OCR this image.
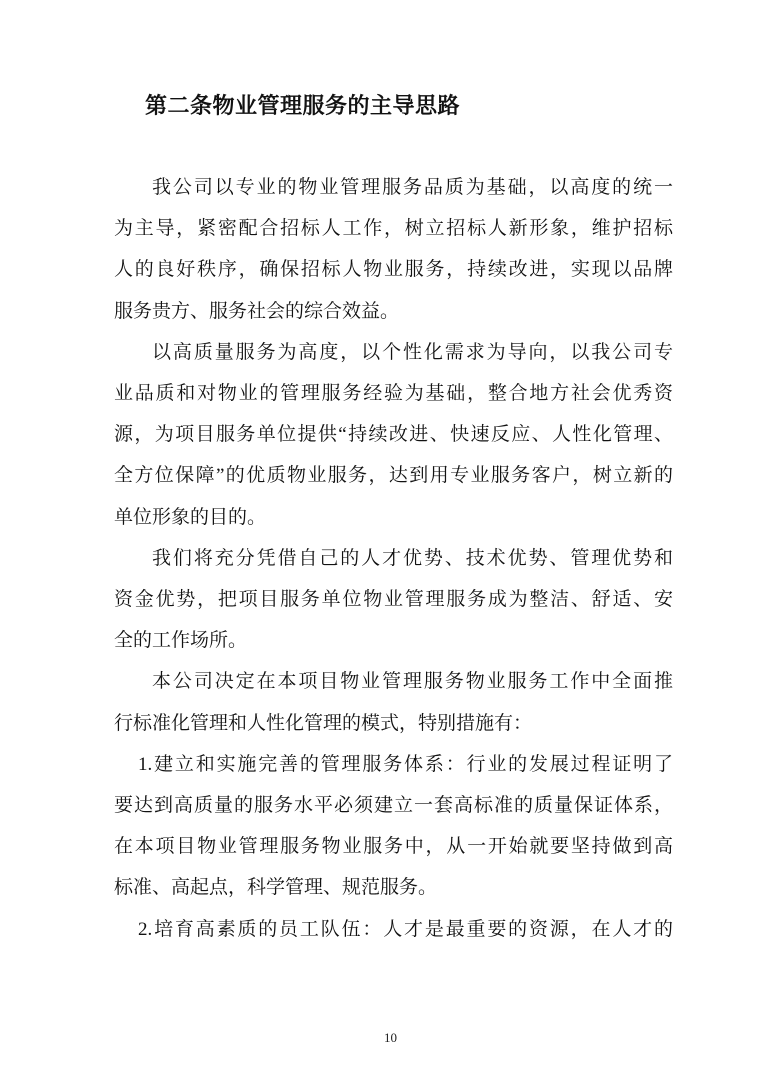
第二条物业管理服务的主导思路
我公司以专业的物业管理服务品质为基础，以高度的统一
为主导，紧密配合招标人工作，树立招标人新形象，维护招标
人的良好秩序，确保招标人物业服务，持续改进，实现以品牌
服务贵方、服务社会的综合效益。
以高质量服务为高度，以个性化需求为导向，以我公司专
业品质和对物业的管理服务经验为基础，整合地方社会优秀资
源，为项目服务单位提供“持续改进、快速反应、人性化管理、
全方位保障”的优质物业服务，达到用专业服务客户，树立新的
单位形象的目的。
我们将充分凭借自己的人才优势、技术优势、管理优势和
资金优势，把项目服务单位物业管理服务成为整洁、舒适、安
全的工作场所。
本公司决定在本项目物业管理服务物业服务工作中全面推
行标准化管理和人性化管理的模式，特别措施有：
1.建立和实施完善的管理服务体系：行业的发展过程证明了
要达到高质量的服务水平必须建立一套高标准的质量保证体系，
在本项目物业管理服务物业服务中，从一开始就要坚持做到高
标准、高起点，科学管理、规范服务。
2.培育高素质的员工队伍：人才是最重要的资源，在人才的
10
